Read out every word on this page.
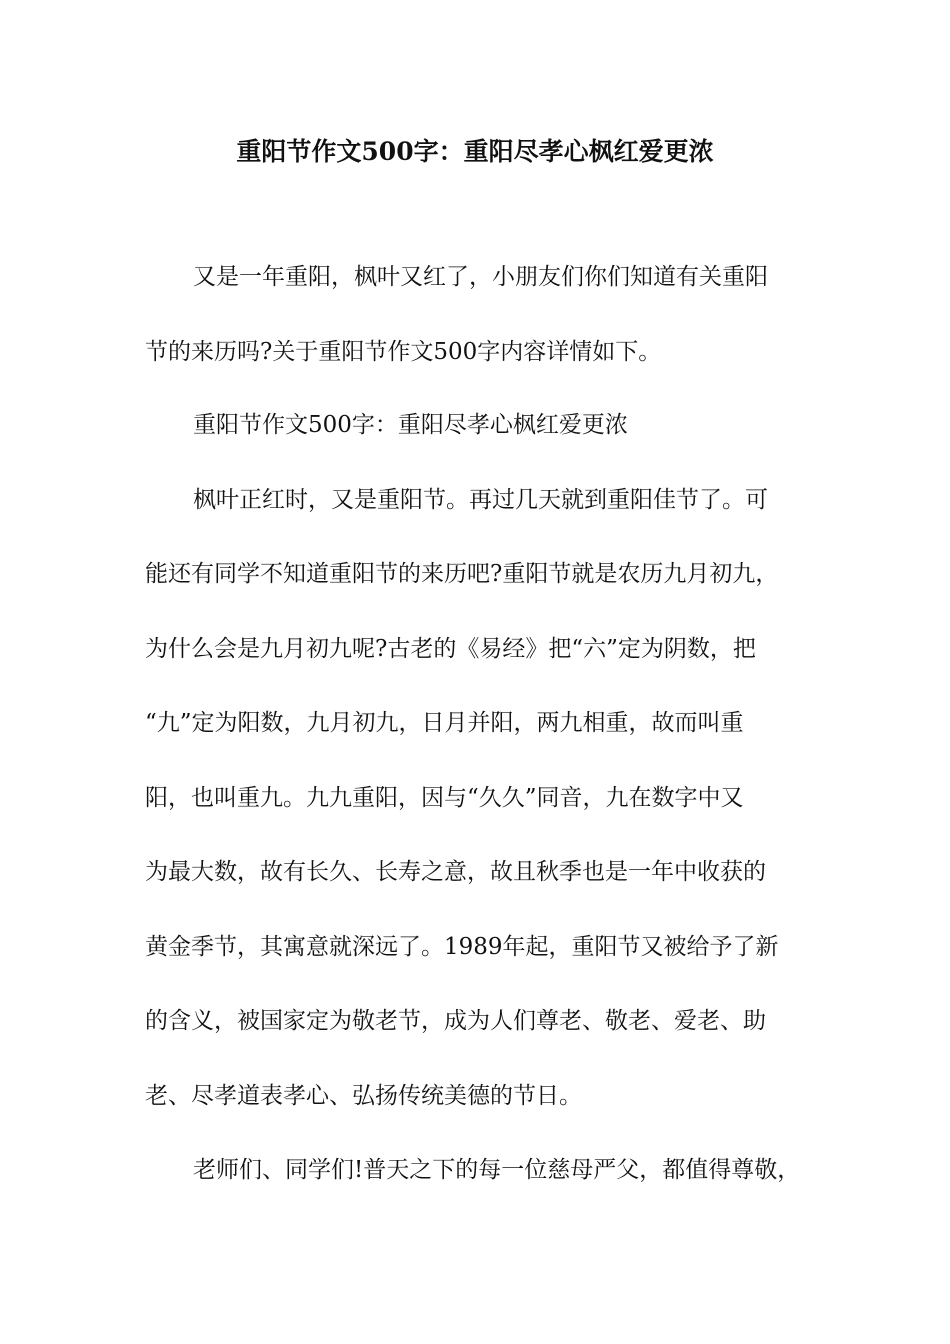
重阳节作文500字：重阳尽孝心枫红爱更浓

又是一年重阳，枫叶又红了，小朋友们你们知道有关重阳

节的来历吗?关于重阳节作文500字内容详情如下。

重阳节作文500字：重阳尽孝心枫红爱更浓

枫叶正红时，又是重阳节。再过几天就到重阳佳节了。可

能还有同学不知道重阳节的来历吧?重阳节就是农历九月初九，

为什么会是九月初九呢?古老的《易经》把“六”定为阴数，把

“九”定为阳数，九月初九，日月并阳，两九相重，故而叫重

阳，也叫重九。九九重阳，因与“久久”同音，九在数字中又

为最大数，故有长久、长寿之意，故且秋季也是一年中收获的

黄金季节，其寓意就深远了。1989年起，重阳节又被给予了新

的含义，被国家定为敬老节，成为人们尊老、敬老、爱老、助

老、尽孝道表孝心、弘扬传统美德的节日。

老师们、同学们!普天之下的每一位慈母严父，都值得尊敬，
